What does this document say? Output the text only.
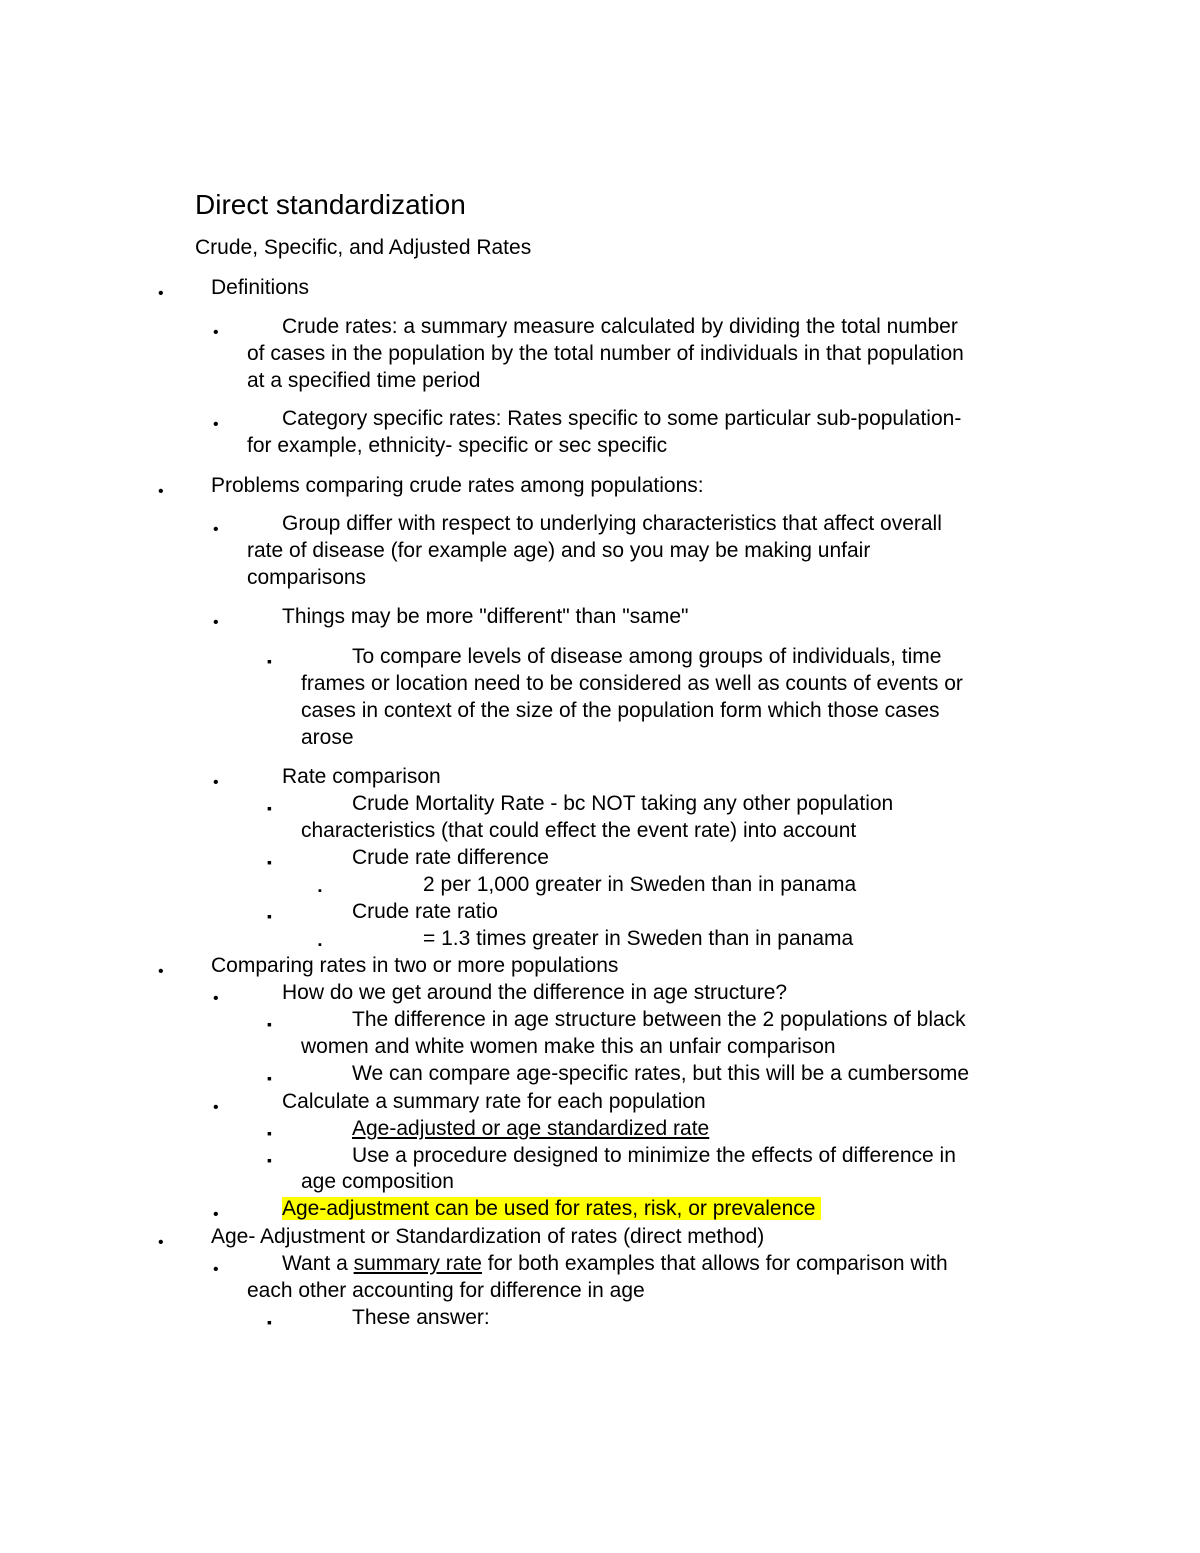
Direct standardization

Crude, Specific, and Adjusted Rates

• Definitions

•	Crude rates: a summary measure calculated by dividing the total number

of cases in the population by the total number of individuals in that population

at a specified time period

•	Category specific rates: Rates specific to some particular sub-population-

for example, ethnicity- specific or sec specific

• Problems comparing crude rates among populations:

•	Group differ with respect to underlying characteristics that affect overall

rate of disease (for example age) and so you may be making unfair

comparisons

•	Things may be more "different" than "same"

▪	To compare levels of disease among groups of individuals, time

frames or location need to be considered as well as counts of events or

cases in context of the size of the population form which those cases

arose

•	Rate comparison

▪	Crude Mortality Rate - bc NOT taking any other population

characteristics (that could effect the event rate) into account

▪	Crude rate difference

▪	2 per 1,000 greater in Sweden than in panama

▪	Crude rate ratio

▪	= 1.3 times greater in Sweden than in panama

• Comparing rates in two or more populations

•	How do we get around the difference in age structure?

▪	The difference in age structure between the 2 populations of black

women and white women make this an unfair comparison

▪	We can compare age-specific rates, but this will be a cumbersome

•	Calculate a summary rate for each population

▪	Age-adjusted or age standardized rate

▪	Use a procedure designed to minimize the effects of difference in

age composition

•	Age-adjustment can be used for rates, risk, or prevalence

• Age- Adjustment or Standardization of rates (direct method)

•	Want a summary rate for both examples that allows for comparison with

each other accounting for difference in age

▪	These answer:
